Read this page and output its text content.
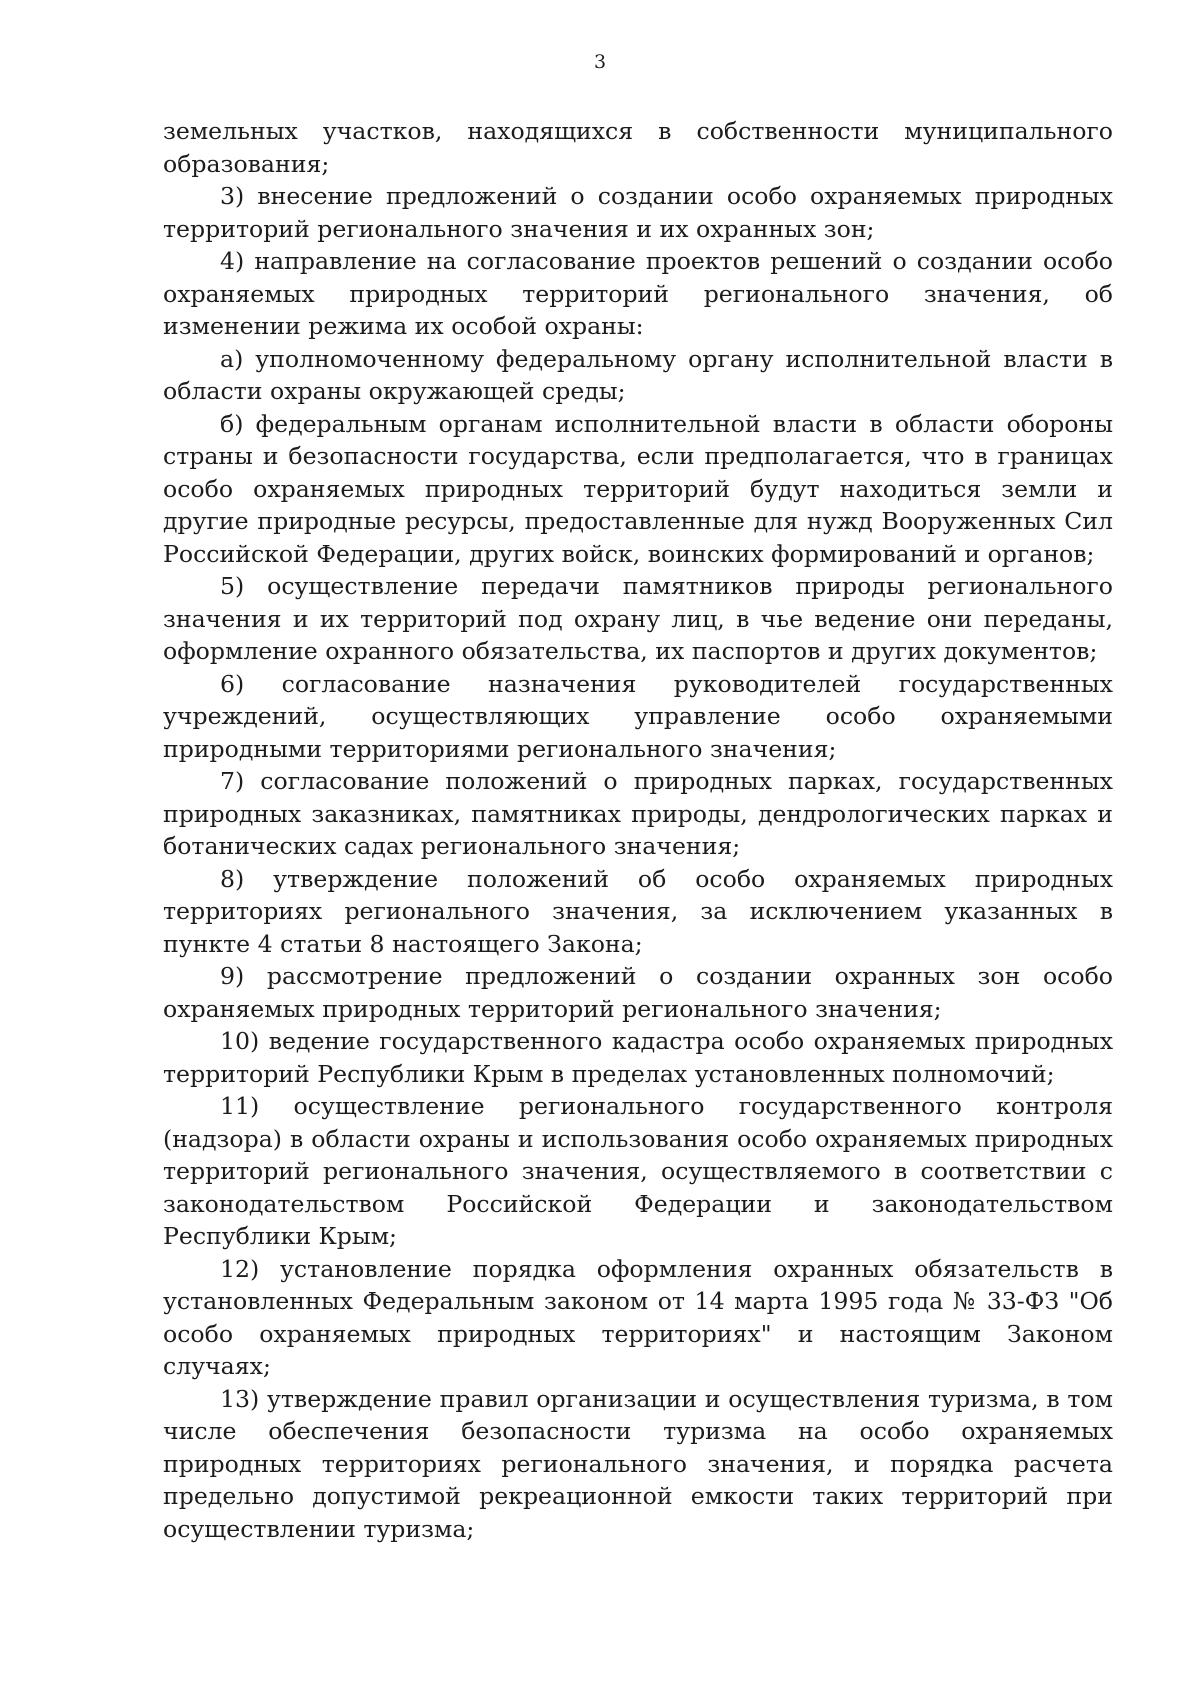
3

земельных участков, находящихся в собственности муниципального образования;

3) внесение предложений о создании особо охраняемых природных территорий регионального значения и их охранных зон;

4) направление на согласование проектов решений о создании особо охраняемых природных территорий регионального значения, об изменении режима их особой охраны:

а) уполномоченному федеральному органу исполнительной власти в области охраны окружающей среды;

б) федеральным органам исполнительной власти в области обороны страны и безопасности государства, если предполагается, что в границах особо охраняемых природных территорий будут находиться земли и другие природные ресурсы, предоставленные для нужд Вооруженных Сил Российской Федерации, других войск, воинских формирований и органов;

5) осуществление передачи памятников природы регионального значения и их территорий под охрану лиц, в чье ведение они переданы, оформление охранного обязательства, их паспортов и других документов;

6) согласование назначения руководителей государственных учреждений, осуществляющих управление особо охраняемыми природными территориями регионального значения;

7) согласование положений о природных парках, государственных природных заказниках, памятниках природы, дендрологических парках и ботанических садах регионального значения;

8) утверждение положений об особо охраняемых природных территориях регионального значения, за исключением указанных в пункте 4 статьи 8 настоящего Закона;

9) рассмотрение предложений о создании охранных зон особо охраняемых природных территорий регионального значения;

10) ведение государственного кадастра особо охраняемых природных территорий Республики Крым в пределах установленных полномочий;

11) осуществление регионального государственного контроля (надзора) в области охраны и использования особо охраняемых природных территорий регионального значения, осуществляемого в соответствии с законодательством Российской Федерации и законодательством Республики Крым;

12) установление порядка оформления охранных обязательств в установленных Федеральным законом от 14 марта 1995 года № 33-ФЗ "Об особо охраняемых природных территориях" и настоящим Законом случаях;

13) утверждение правил организации и осуществления туризма, в том числе обеспечения безопасности туризма на особо охраняемых природных территориях регионального значения, и порядка расчета предельно допустимой рекреационной емкости таких территорий при осуществлении туризма;
